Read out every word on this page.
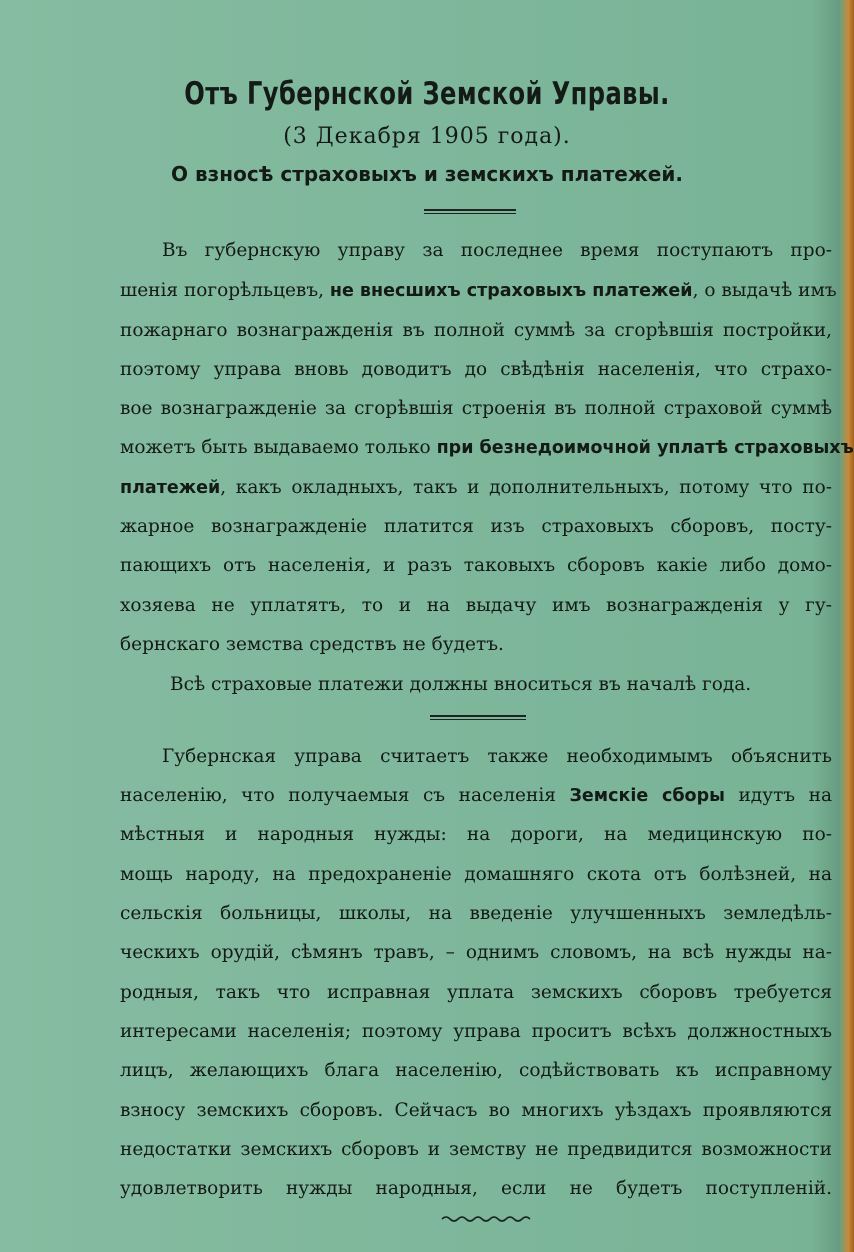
Отъ Губернской Земской Управы.
(3 Декабря 1905 года).
О взносѣ страховыхъ и земскихъ платежей.
Въ губернскую управу за последнее время поступаютъ про-
шенія погорѣльцевъ, не внесшихъ страховыхъ платежей, о выдачѣ имъ
пожарнаго вознагражденія въ полной суммѣ за сгорѣвшія постройки,
поэтому управа вновь доводитъ до свѣдѣнія населенія, что страхо-
вое вознагражденіе за сгорѣвшія строенія въ полной страховой суммѣ
можетъ быть выдаваемо только при безнедоимочной уплатѣ страховыхъ
платежей, какъ окладныхъ, такъ и дополнительныхъ, потому что по-
жарное вознагражденіе платится изъ страховыхъ сборовъ, посту-
пающихъ отъ населенія, и разъ таковыхъ сборовъ какіе либо домо-
хозяева не уплатятъ, то и на выдачу имъ вознагражденія у гу-
бернскаго земства средствъ не будетъ.
Всѣ страховые платежи должны вноситься въ началѣ года.
Губернская управа считаетъ также необходимымъ объяснить
населенію, что получаемыя съ населенія Земскіе сборы идутъ на
мѣстныя и народныя нужды: на дороги, на медицинскую по-
мощь народу, на предохраненіе домашняго скота отъ болѣзней, на
сельскія больницы, школы, на введеніе улучшенныхъ земледѣль-
ческихъ орудій, сѣмянъ травъ, – однимъ словомъ, на всѣ нужды на-
родныя, такъ что исправная уплата земскихъ сборовъ требуется
интересами населенія; поэтому управа проситъ всѣхъ должностныхъ
лицъ, желающихъ блага населенію, содѣйствовать къ исправному
взносу земскихъ сборовъ. Сейчасъ во многихъ уѣздахъ проявляются
недостатки земскихъ сборовъ и земству не предвидится возможности
удовлетворить нужды народныя, если не будетъ поступленій.
